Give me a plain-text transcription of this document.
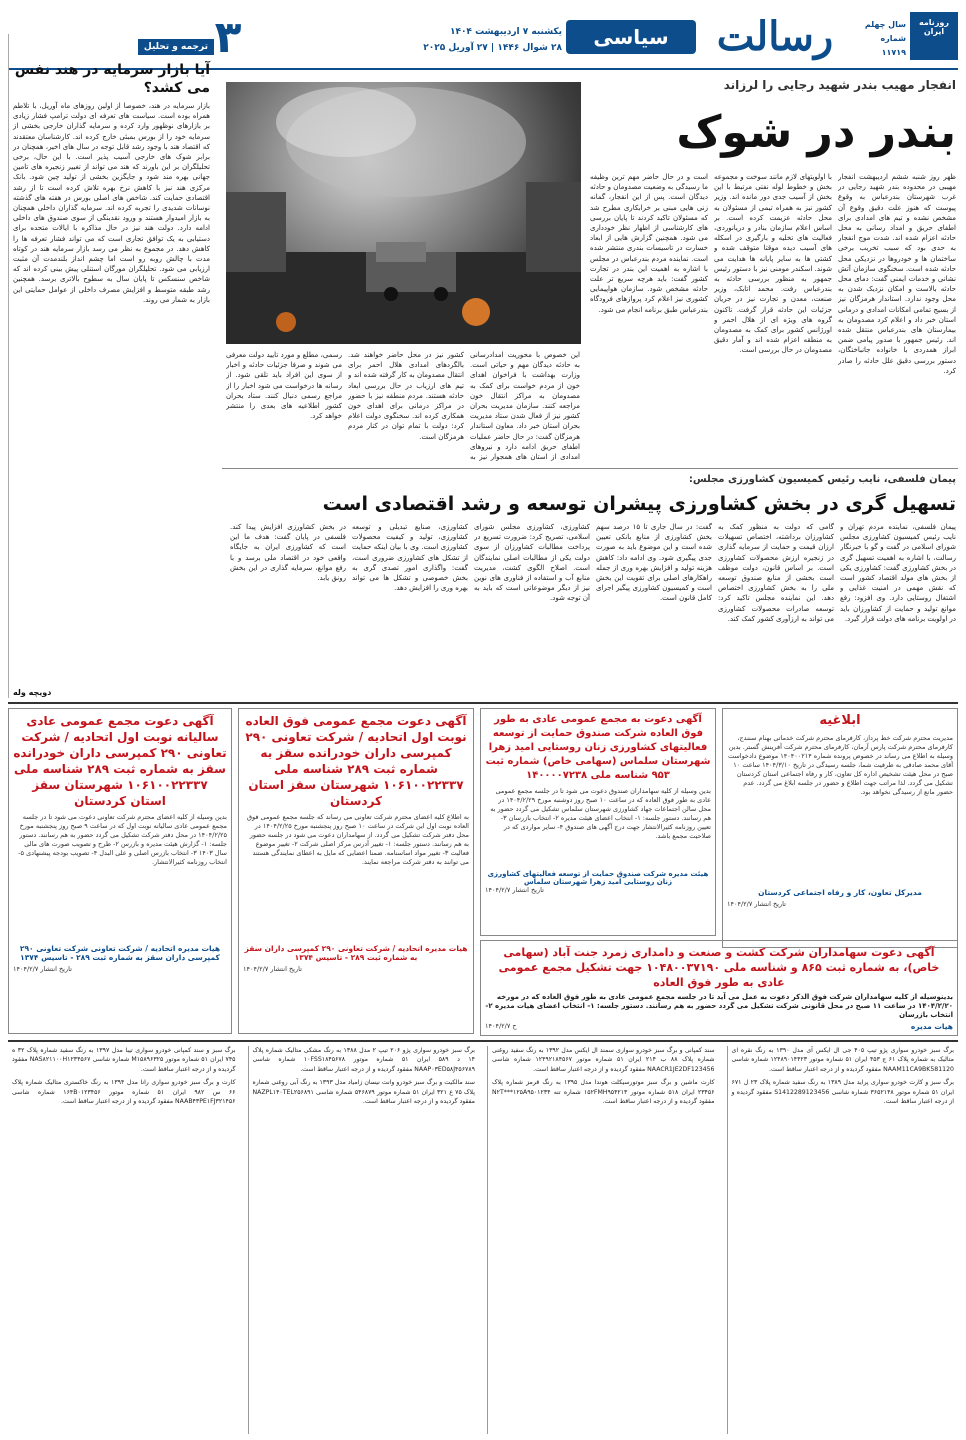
روزنامه
ایران
سال چهلم
شماره ۱۱۷۱۹
رسالت
سیاسی
یکشنبه ۷ اردیبهشت ۱۴۰۴
۲۸ شوال ۱۴۴۶ | ۲۷ آوریل ۲۰۲۵
۳
ترجمه و تحلیل
آیا بازار سرمایه در هند نفس می کشد؟
بازار سرمایه در هند، خصوصا از اولین روزهای ماه آوریل، با تلاطم همراه بوده است. سیاست های تعرفه ای دولت ترامپ فشار زیادی بر بازارهای نوظهور وارد کرده و سرمایه گذاران خارجی بخشی از سرمایه خود را از بورس بمبئی خارج کرده اند. کارشناسان معتقدند که اقتصاد هند با وجود رشد قابل توجه در سال های اخیر، همچنان در برابر شوک های خارجی آسیب پذیر است. با این حال، برخی تحلیلگران بر این باورند که هند می تواند از تغییر زنجیره های تامین جهانی بهره مند شود و جایگزین بخشی از تولید چین شود. بانک مرکزی هند نیز با کاهش نرخ بهره تلاش کرده است تا از رشد اقتصادی حمایت کند. شاخص های اصلی بورس در هفته های گذشته نوسانات شدیدی را تجربه کرده اند. سرمایه گذاران داخلی همچنان به بازار امیدوار هستند و ورود نقدینگی از سوی صندوق های داخلی ادامه دارد. دولت هند نیز در حال مذاکره با ایالات متحده برای دستیابی به یک توافق تجاری است که می تواند فشار تعرفه ها را کاهش دهد. در مجموع به نظر می رسد بازار سرمایه هند در کوتاه مدت با چالش روبه رو است اما چشم انداز بلندمدت آن مثبت ارزیابی می شود. تحلیلگران مورگان استنلی پیش بینی کرده اند که شاخص سنسکس تا پایان سال به سطوح بالاتری برسد. همچنین رشد طبقه متوسط و افزایش مصرف داخلی از عوامل حمایتی این بازار به شمار می روند.
دویچه وله
انفجار مهیب بندر شهید رجایی را لرزاند
بندر در شوک
ظهر روز شنبه ششم اردیبهشت انفجار مهیبی در محدوده بندر شهید رجایی در غرب شهرستان بندرعباس به وقوع پیوست که هنوز علت دقیق وقوع آن مشخص نشده و تیم های امدادی برای اطفای حریق و امداد رسانی به محل حادثه اعزام شده اند. شدت موج انفجار به حدی بود که سبب تخریب برخی ساختمان ها و خودروها در نزدیکی محل حادثه شده است. سخنگوی سازمان آتش نشانی و خدمات ایمنی گفت: دمای محل حادثه بالاست و امکان نزدیک شدن به محل وجود ندارد. استاندار هرمزگان نیز از بسیج تمامی امکانات امدادی و درمانی استان خبر داد و اعلام کرد مصدومان به بیمارستان های بندرعباس منتقل شده اند. رئیس جمهور با صدور پیامی ضمن ابراز همدردی با خانواده جانباختگان، دستور بررسی دقیق علل حادثه را صادر کرد.
با اولویتهای لازم مانند سوخت و مجموعه بخش و خطوط لوله نفتی مرتبط با این بخش از آسیب جدی دور مانده اند. وزیر کشور نیز به همراه تیمی از مسئولان به محل حادثه عزیمت کرده است. بر اساس اعلام سازمان بنادر و دریانوردی، فعالیت های تخلیه و بارگیری در اسکله های آسیب دیده موقتا متوقف شده و کشتی ها به سایر پایانه ها هدایت می شوند. اسکندر مومنی نیز با دستور رئیس جمهور به منظور بررسی حادثه به بندرعباس رفت. محمد اتابک، وزیر صنعت، معدن و تجارت نیز در جریان جزئیات این حادثه قرار گرفت. تاکنون گروه های ویژه ای از هلال احمر و اورژانس کشور برای کمک به مصدومان به منطقه اعزام شده اند و آمار دقیق مصدومان در حال بررسی است.
است و در حال حاضر مهم ترین وظیفه ما رسیدگی به وضعیت مصدومان و حادثه دیدگان است. پس از این انفجار، گمانه زنی هایی مبنی بر خرابکاری مطرح شد که مسئولان تاکید کردند تا پایان بررسی های کارشناسی از اظهار نظر خودداری می شود. همچنین گزارش هایی از ابعاد خسارت در تاسیسات بندری منتشر شده است. نماینده مردم بندرعباس در مجلس با اشاره به اهمیت این بندر در تجارت کشور گفت: باید هرچه سریع تر علت حادثه مشخص شود. سازمان هواپیمایی کشوری نیز اعلام کرد پروازهای فرودگاه بندرعباس طبق برنامه انجام می شود.
این خصوص با محوریت امدادرسانی به حادثه دیدگان مهم و حیاتی است. وزارت بهداشت با فراخوان اهدای خون از مردم خواست برای کمک به مصدومان به مراکز انتقال خون مراجعه کنند. سازمان مدیریت بحران کشور نیز از فعال شدن ستاد مدیریت بحران استان خبر داد. معاون استاندار هرمزگان گفت: در حال حاضر عملیات اطفای حریق ادامه دارد و نیروهای امدادی از استان های همجوار نیز به
کشور نیز در محل حاضر خواهند شد. بالگردهای امدادی هلال احمر برای انتقال مصدومان به کار گرفته شده اند و تیم های ارزیاب در حال بررسی ابعاد حادثه هستند. مردم منطقه نیز با حضور در مراکز درمانی برای اهدای خون همکاری کرده اند. سخنگوی دولت اعلام کرد: دولت با تمام توان در کنار مردم هرمزگان است.
رسمی، مطلع و مورد تایید دولت معرفی می شوند و صرفا جزئیات حادثه و اخبار از سوی این افراد باید تلقی شود. از رسانه ها درخواست می شود اخبار را از مراجع رسمی دنبال کنند. ستاد بحران کشور اطلاعیه های بعدی را منتشر خواهد کرد.
پیمان فلسفی، نایب رئیس کمیسیون کشاورزی مجلس:
تسهیل گری در بخش کشاورزی پیشران توسعه و رشد اقتصادی است
پیمان فلسفی، نماینده مردم تهران و نایب رئیس کمیسیون کشاورزی مجلس شورای اسلامی در گفت و گو با خبرنگار رسالت، با اشاره به اهمیت تسهیل گری در بخش کشاورزی گفت: کشاورزی یکی از بخش های مولد اقتصاد کشور است که نقش مهمی در امنیت غذایی و اشتغال روستایی دارد. وی افزود: رفع موانع تولید و حمایت از کشاورزان باید در اولویت برنامه های دولت قرار گیرد.
گامی که دولت به منظور کمک به کشاورزان برداشته، اختصاص تسهیلات ارزان قیمت و حمایت از سرمایه گذاری در زنجیره ارزش محصولات کشاورزی است. بر اساس قانون، دولت موظف است بخشی از منابع صندوق توسعه ملی را به بخش کشاورزی اختصاص دهد. این نماینده مجلس تاکید کرد: توسعه صادرات محصولات کشاورزی می تواند به ارزآوری کشور کمک کند.
گفت: در سال جاری تا ۱۵ درصد سهم بخش کشاورزی از منابع بانکی تعیین شده است و این موضوع باید به صورت جدی پیگیری شود. وی ادامه داد: کاهش هزینه تولید و افزایش بهره وری از جمله راهکارهای اصلی برای تقویت این بخش است و کمیسیون کشاورزی پیگیر اجرای کامل قانون است.
کشاورزی، کشاورزی مجلس شورای اسلامی، تصریح کرد: ضرورت تسریع در پرداخت مطالبات کشاورزان از سوی دولت یکی از مطالبات اصلی نمایندگان است. اصلاح الگوی کشت، مدیریت منابع آب و استفاده از فناوری های نوین نیز از دیگر موضوعاتی است که باید به آن توجه شود.
کشاورزی، صنایع تبدیلی و توسعه کشاورزی، تولید و کیفیت محصولات کشاورزی است. وی با بیان اینکه حمایت از تشکل های کشاورزی ضروری است، گفت: واگذاری امور تصدی گری به بخش خصوصی و تشکل ها می تواند بهره وری را افزایش دهد.
در بخش کشاورزی افزایش پیدا کند. فلسفی در پایان گفت: هدف ما این است که کشاورزی ایران به جایگاه واقعی خود در اقتصاد ملی برسد و با رفع موانع، سرمایه گذاری در این بخش رونق یابد.
ابلاغیه
مدیریت محترم شرکت خط پرداز، کارفرمای محترم شرکت خدماتی بهنام سنندج، کارفرمای محترم شرکت پارس آرمان، کارفرمای محترم شرکت آفرینش گستر. بدین وسیله به اطلاع می رساند در خصوص پرونده شماره ۱۴۰۴۰۰۲۱۴ موضوع دادخواست آقای محمد صادقی به طرفیت شما، جلسه رسیدگی در تاریخ ۱۴۰۴/۳/۱۰ ساعت ۱۰ صبح در محل هیئت تشخیص اداره کل تعاون، کار و رفاه اجتماعی استان کردستان تشکیل می گردد. لذا مراتب جهت اطلاع و حضور در جلسه ابلاغ می گردد. عدم حضور مانع از رسیدگی نخواهد بود.
مدیرکل تعاون، کار و رفاه اجتماعی کردستان
تاریخ انتشار ۱۴۰۴/۲/۷
آگهی دعوت به مجمع عمومی عادی به طور فوق العاده شرکت صندوق حمایت از توسعه فعالیتهای کشاورزی زنان روستایی امید زهرا شهرستان سلماس (سهامی خاص) شماره ثبت ۹۵۳ شناسه ملی ۱۴۰۰۰۰۷۲۳۸
بدین وسیله از کلیه سهامداران صندوق دعوت می شود تا در جلسه مجمع عمومی عادی به طور فوق العاده که در ساعت ۱۰ صبح روز دوشنبه مورخ ۱۴۰۴/۲/۲۹ در محل سالن اجتماعات جهاد کشاورزی شهرستان سلماس تشکیل می گردد حضور به هم رسانند. دستور جلسه: ۱- انتخاب اعضای هیئت مدیره ۲- انتخاب بازرسان ۳- تعیین روزنامه کثیرالانتشار جهت درج آگهی های صندوق ۴- سایر مواردی که در صلاحیت مجمع باشد.
هیئت مدیره شرکت صندوق حمایت از توسعه فعالیتهای کشاورزی زنان روستایی امید زهرا شهرستان سلماس
تاریخ انتشار ۱۴۰۴/۲/۷
آگهی دعوت مجمع عمومی فوق العاده نوبت اول اتحادیه / شرکت تعاونی ۲۹۰ کمپرسی داران خودرانده سقز به شماره ثبت ۲۸۹ شناسه ملی ۱۰۶۱۰۰۲۲۳۳۷ شهرستان سقز استان کردستان
به اطلاع کلیه اعضای محترم شرکت تعاونی می رساند که جلسه مجمع عمومی فوق العاده نوبت اول این شرکت در ساعت ۱۰ صبح روز پنجشنبه مورخ ۱۴۰۴/۲/۲۵ در محل دفتر شرکت تشکیل می گردد. از سهامداران دعوت می شود در جلسه حضور به هم رسانند. دستور جلسه: ۱- تغییر آدرس مرکز اصلی شرکت ۲- تغییر موضوع فعالیت ۳- تغییر مواد اساسنامه. ضمنا اعضایی که مایل به اعطای نمایندگی هستند می توانند به دفتر شرکت مراجعه نمایند.
هیات مدیره اتحادیه / شرکت تعاونی ۲۹۰ کمپرسی داران سقز به شماره ثبت ۲۸۹ - تاسیس ۱۳۷۴
تاریخ انتشار ۱۴۰۴/۲/۷
آگهی دعوت مجمع عمومی عادی سالیانه نوبت اول اتحادیه / شرکت تعاونی ۲۹۰ کمپرسی داران خودرانده سقز به شماره ثبت ۲۸۹ شناسه ملی ۱۰۶۱۰۰۲۲۳۳۷ شهرستان سقز استان کردستان
بدین وسیله از کلیه اعضای محترم شرکت تعاونی دعوت می شود تا در جلسه مجمع عمومی عادی سالیانه نوبت اول که در ساعت ۹ صبح روز پنجشنبه مورخ ۱۴۰۴/۲/۲۵ در محل دفتر شرکت تشکیل می گردد حضور به هم رسانند. دستور جلسه: ۱- گزارش هیئت مدیره و بازرس ۲- طرح و تصویب صورت های مالی سال ۱۴۰۳ ۳- انتخاب بازرس اصلی و علی البدل ۴- تصویب بودجه پیشنهادی ۵- انتخاب روزنامه کثیرالانتشار.
هیات مدیره اتحادیه / شرکت تعاونی شرکت تعاونی ۲۹۰ کمپرسی داران سقز به شماره ثبت ۲۸۹ - تاسیس ۱۳۷۴
تاریخ انتشار ۱۴۰۴/۲/۷
آگهی دعوت سهامداران شرکت کشت و صنعت و دامداری زمرد جنت آباد (سهامی خاص)، به شماره ثبت ۸۶۵ و شناسه ملی ۱۰۴۸۰۰۳۷۱۹۰ جهت تشکیل مجمع عمومی عادی به طور فوق العاده
بدینوسیله از کلیه سهامداران شرکت فوق الذکر دعوت به عمل می آید تا در جلسه مجمع عمومی عادی به طور فوق العاده که در مورخه ۱۴۰۴/۲/۲۰ در ساعت ۱۱ صبح در محل قانونی شرکت تشکیل می گردد حضور به هم رسانند. دستور جلسه: ۱- انتخاب اعضای هیات مدیره ۲- انتخاب بازرسان
هیات مدیره
ح ۱۴۰۴/۲/۷

برگ سبز خودرو سواری پژو تیپ ۴۰۵ جی ال ایکس آی مدل ۱۳۹۰ به رنگ نقره ای متالیک به شماره پلاک ۶۱ ج ۴۵۳ ایران ۵۱ شماره موتور ۱۲۴۸۹۰۱۴۴۲۳ شماره شاسی NAAM11CA9BK581120 مفقود گردیده و از درجه اعتبار ساقط است.

برگ سبز و کارت خودرو سواری پراید مدل ۱۳۸۹ به رنگ سفید شماره پلاک ۲۳ ل ۶۷۱ ایران ۵۱ شماره موتور ۳۶۵۲۱۴۸ شماره شاسی S1412289123456 مفقود گردیده و از درجه اعتبار ساقط است.

سند کمپانی و برگ سبز خودرو سواری سمند ال ایکس مدل ۱۳۹۲ به رنگ سفید روغنی شماره پلاک ۸۸ ب ۲۱۴ ایران ۵۱ شماره موتور ۱۲۴۹۲۱۸۴۵۶۷ شماره شاسی NAACR1JE2DF123456 مفقود گردیده و از درجه اعتبار ساقط است.

کارت ماشین و برگ سبز موتورسیکلت هوندا مدل ۱۳۹۵ به رنگ قرمز شماره پلاک ۲۳۴۵۶ ایران ۵۱۸ شماره موتور ۱۵۲FMH۹۵۴۲۱۳ شماره تنه N۲T***۱۲۵A۹۵۰۱۲۳۴ مفقود گردیده و از درجه اعتبار ساقط است.

برگ سبز خودرو سواری پژو ۲۰۶ تیپ ۲ مدل ۱۳۸۸ به رنگ مشکی متالیک شماره پلاک ۱۴ د ۵۸۹ ایران ۵۱ شماره موتور ۱۰FSS۱۸۴۵۶۷۸ شماره شاسی NAAP۰۳ED۵۸J۴۵۶۷۸۹ مفقود گردیده و از درجه اعتبار ساقط است.

سند مالکیت و برگ سبز خودرو وانت نیسان زامیاد مدل ۱۳۹۳ به رنگ آبی روغنی شماره پلاک ۷۵ ع ۳۲۱ ایران ۵۱ شماره موتور ۵۴۶۸۷۹ شماره شاسی NAZPL۱۴۰TEL۲۵۶۸۹۱ مفقود گردیده و از درجه اعتبار ساقط است.

برگ سبز و سند کمپانی خودرو سواری تیبا مدل ۱۳۹۷ به رنگ سفید شماره پلاک ۳۲ ه ۷۴۵ ایران ۵۱ شماره موتور M۱۵۸۹۶۳۲۵ شماره شاسی NAS۸۲۱۱۰۰H۱۲۳۴۵۶۷ مفقود گردیده و از درجه اعتبار ساقط است.

کارت و برگ سبز خودرو سواری رانا مدل ۱۳۹۴ به رنگ خاکستری متالیک شماره پلاک ۶۶ س ۹۸۲ ایران ۵۱ شماره موتور ۱۶۴B۰۱۲۳۴۵۶ شماره شاسی NAAB۴۳PE۱FJ۳۲۱۴۵۶ مفقود گردیده و از درجه اعتبار ساقط است.
